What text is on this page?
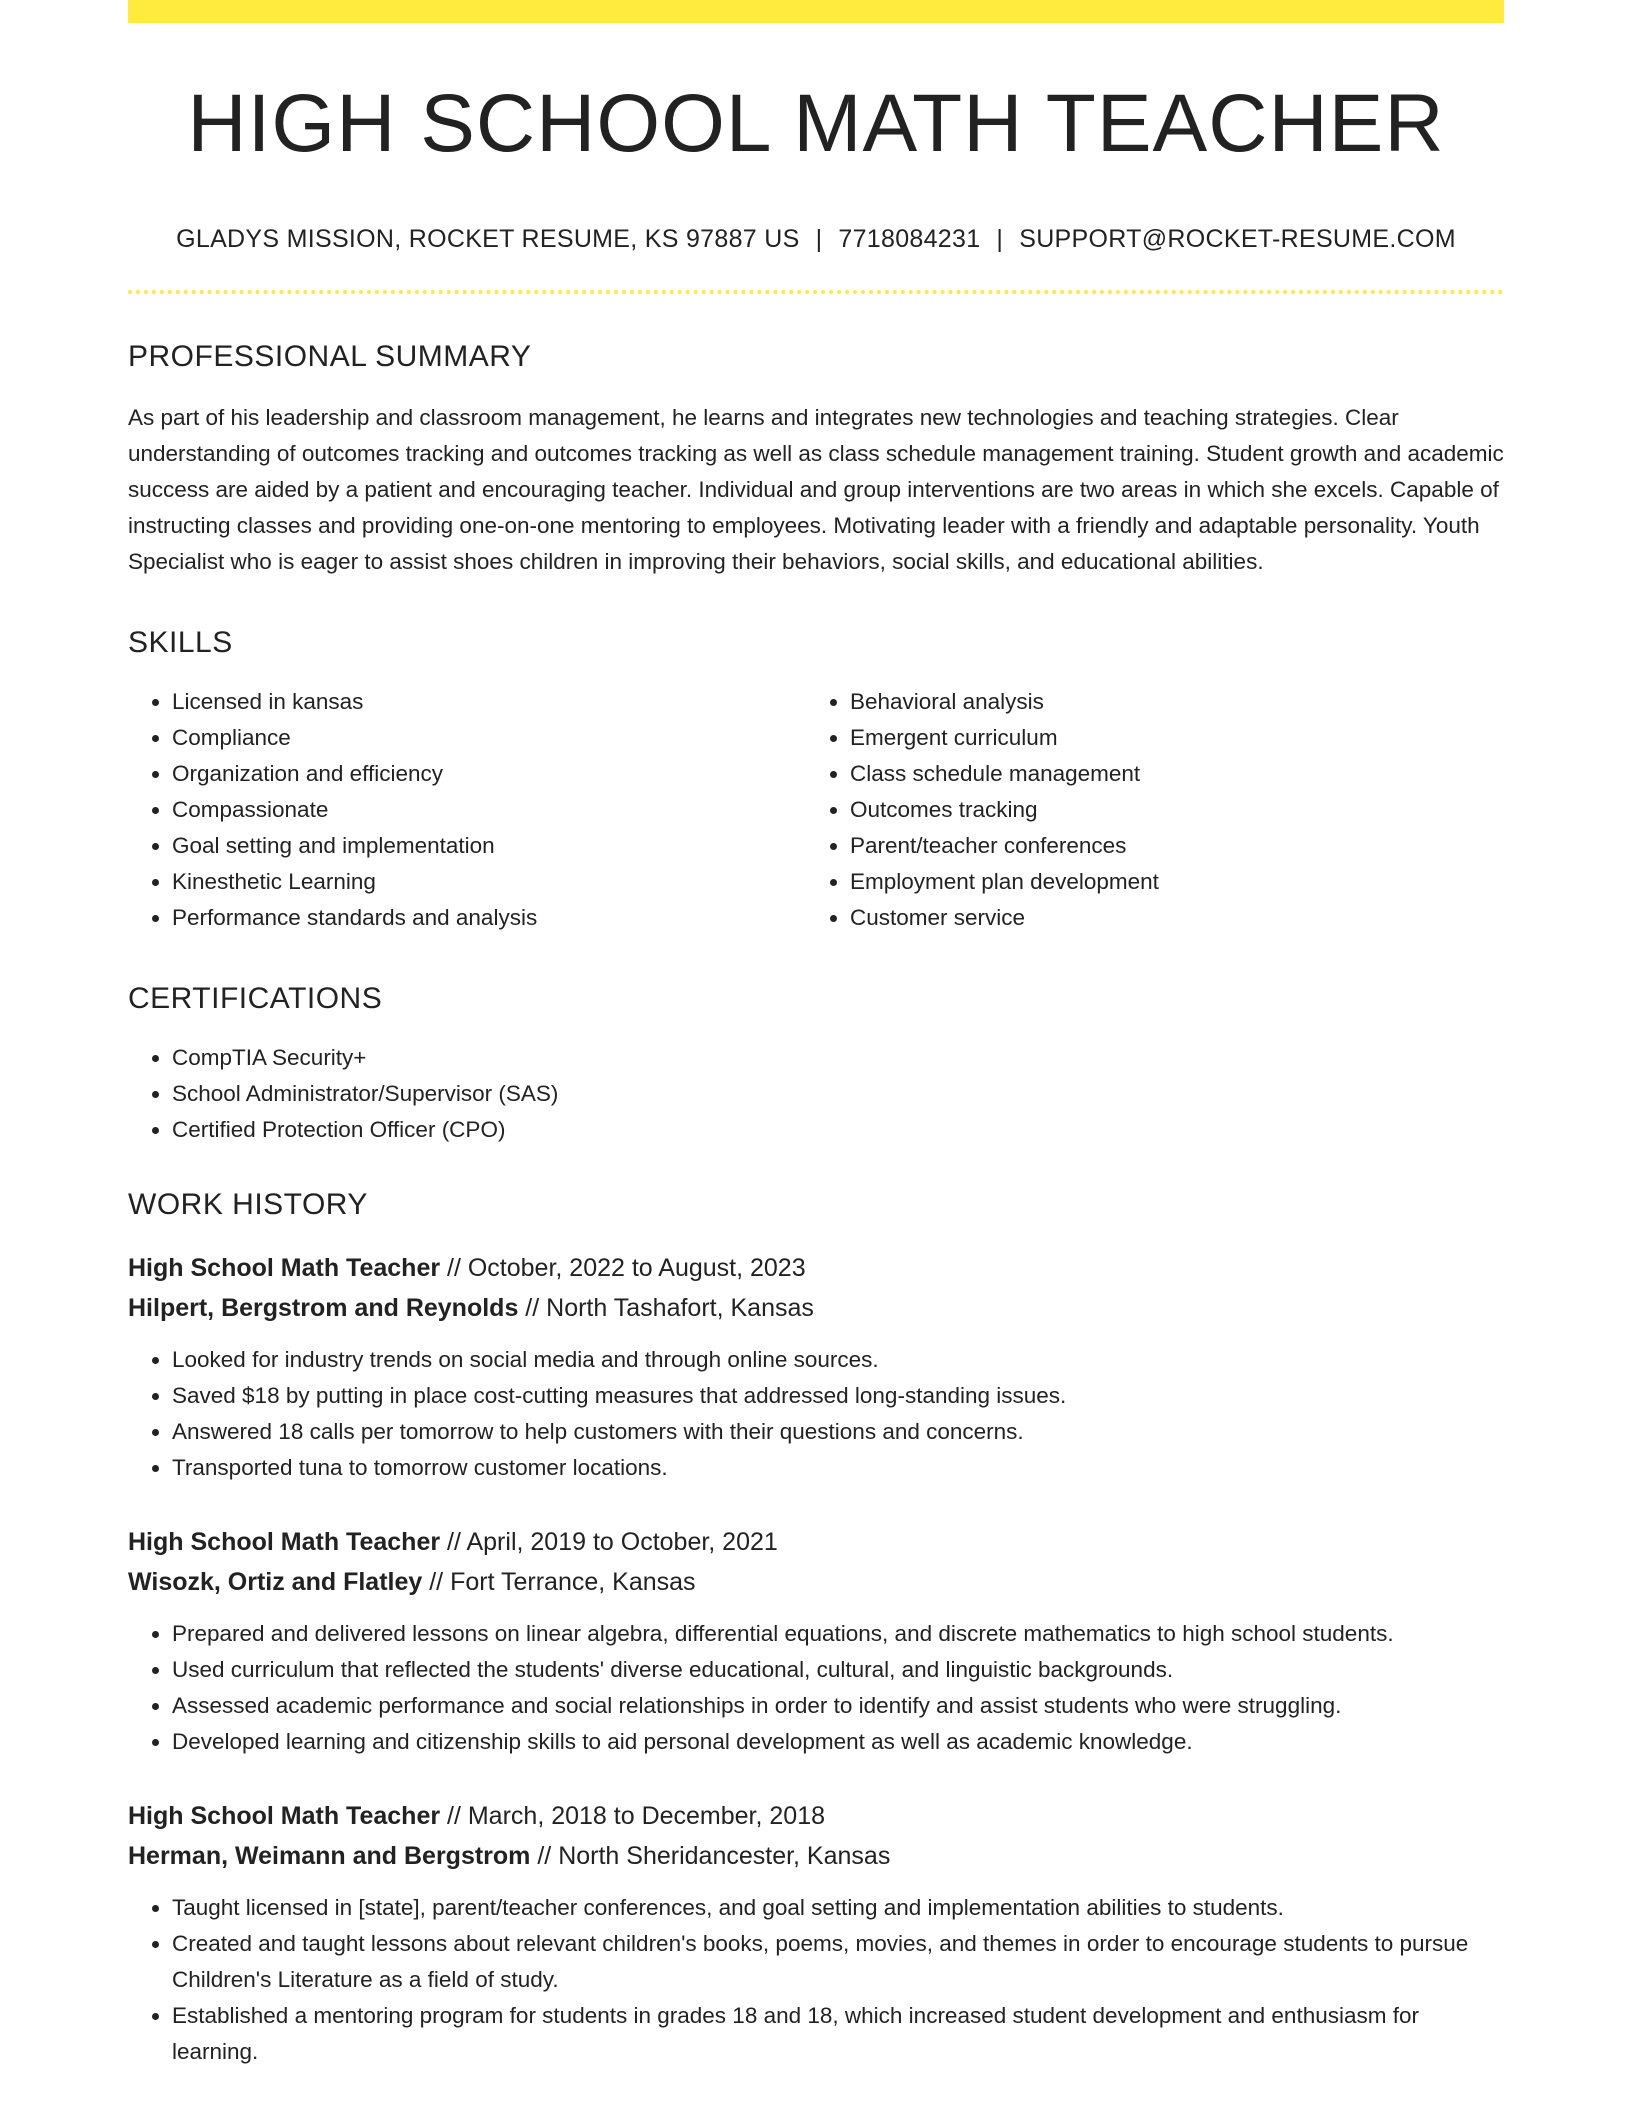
HIGH SCHOOL MATH TEACHER
GLADYS MISSION, ROCKET RESUME, KS 97887 US | 7718084231 | SUPPORT@ROCKET-RESUME.COM
PROFESSIONAL SUMMARY

As part of his leadership and classroom management, he learns and integrates new technologies and teaching strategies. Clear understanding of outcomes tracking and outcomes tracking as well as class schedule management training. Student growth and academic success are aided by a patient and encouraging teacher. Individual and group interventions are two areas in which she excels. Capable of instructing classes and providing one-on-one mentoring to employees. Motivating leader with a friendly and adaptable personality. Youth Specialist who is eager to assist shoes children in improving their behaviors, social skills, and educational abilities.

SKILLS
• Licensed in kansas
• Compliance
• Organization and efficiency
• Compassionate
• Goal setting and implementation
• Kinesthetic Learning
• Performance standards and analysis
• Behavioral analysis
• Emergent curriculum
• Class schedule management
• Outcomes tracking
• Parent/teacher conferences
• Employment plan development
• Customer service
CERTIFICATIONS
• CompTIA Security+
• School Administrator/Supervisor (SAS)
• Certified Protection Officer (CPO)
WORK HISTORY
High School Math Teacher // October, 2022 to August, 2023
Hilpert, Bergstrom and Reynolds // North Tashafort, Kansas
• Looked for industry trends on social media and through online sources.
• Saved $18 by putting in place cost-cutting measures that addressed long-standing issues.
• Answered 18 calls per tomorrow to help customers with their questions and concerns.
• Transported tuna to tomorrow customer locations.
High School Math Teacher // April, 2019 to October, 2021
Wisozk, Ortiz and Flatley // Fort Terrance, Kansas
• Prepared and delivered lessons on linear algebra, differential equations, and discrete mathematics to high school students.
• Used curriculum that reflected the students' diverse educational, cultural, and linguistic backgrounds.
• Assessed academic performance and social relationships in order to identify and assist students who were struggling.
• Developed learning and citizenship skills to aid personal development as well as academic knowledge.
High School Math Teacher // March, 2018 to December, 2018
Herman, Weimann and Bergstrom // North Sheridancester, Kansas
• Taught licensed in [state], parent/teacher conferences, and goal setting and implementation abilities to students.
• Created and taught lessons about relevant children's books, poems, movies, and themes in order to encourage students to pursue Children's Literature as a field of study.
• Established a mentoring program for students in grades 18 and 18, which increased student development and enthusiasm for learning.
